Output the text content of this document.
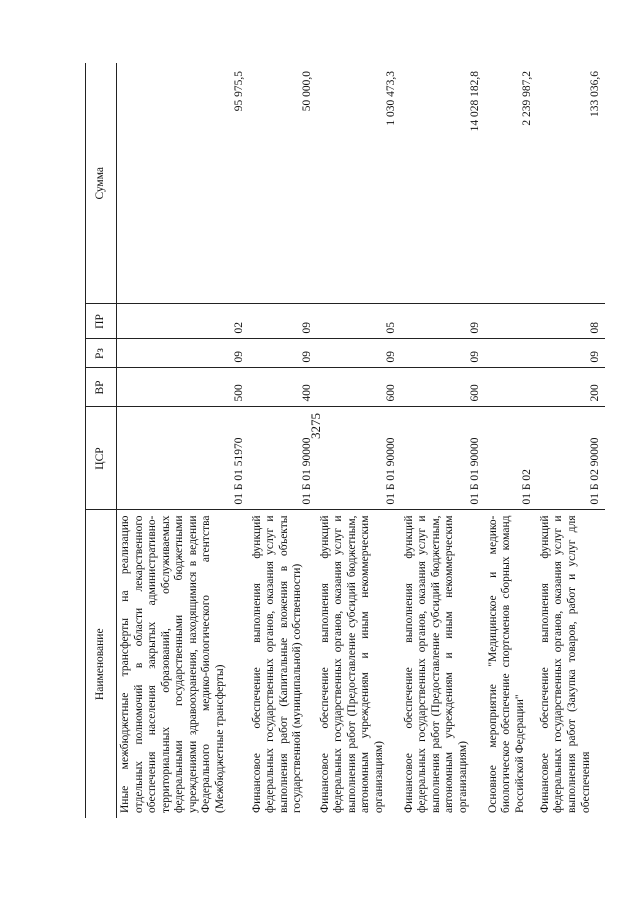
3275
Наименование	ЦСР	ВР	Рз	ПР	Сумма
Иные межбюджетные трансферты на реализацию отдельных полномочий в области лекарственного обеспечения населения закрытых административно-территориальных образований, обслуживаемых федеральными государственными бюджетными учреждениями здравоохранения, находящимися в ведении Федерального медико-биологического агентства (Межбюджетные трансферты)	01 Б 01 51970	500	09	02	95 975,5
Финансовое обеспечение выполнения функций федеральных государственных органов, оказания услуг и выполнения работ (Капитальные вложения в объекты государственной (муниципальной) собственности)	01 Б 01 90000	400	09	09	50 000,0
Финансовое обеспечение выполнения функций федеральных государственных органов, оказания услуг и выполнения работ (Предоставление субсидий бюджетным, автономным учреждениям и иным некоммерческим организациям)	01 Б 01 90000	600	09	05	1 030 473,3
Финансовое обеспечение выполнения функций федеральных государственных органов, оказания услуг и выполнения работ (Предоставление субсидий бюджетным, автономным учреждениям и иным некоммерческим организациям)	01 Б 01 90000	600	09	09	14 028 182,8
Основное мероприятие "Медицинское и медико-биологическое обеспечение спортсменов сборных команд Российской Федерации"	01 Б 02				2 239 987,2
Финансовое обеспечение выполнения функций федеральных государственных органов, оказания услуг и выполнения работ (Закупка товаров, работ и услуг для обеспечения	01 Б 02 90000	200	09	08	133 036,6
